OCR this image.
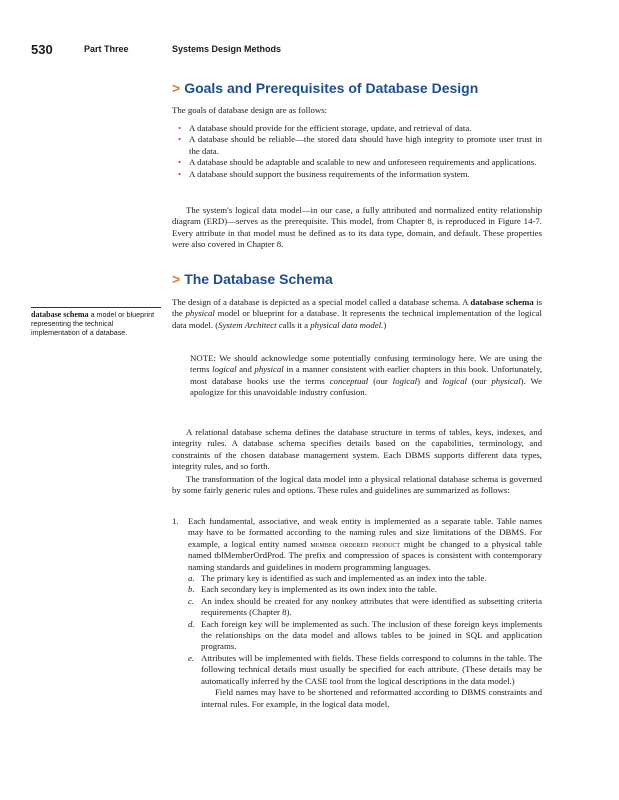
530	Part Three	Systems Design Methods
> Goals and Prerequisites of Database Design
The goals of database design are as follows:
• A database should provide for the efficient storage, update, and retrieval of data.
• A database should be reliable—the stored data should have high integrity to promote user trust in the data.
• A database should be adaptable and scalable to new and unforeseen requirements and applications.
• A database should support the business requirements of the information system.
The system's logical data model—in our case, a fully attributed and normalized entity relationship diagram (ERD)—serves as the prerequisite. This model, from Chapter 8, is reproduced in Figure 14-7. Every attribute in that model must be defined as to its data type, domain, and default. These properties were also covered in Chapter 8.
> The Database Schema
database schema a model or blueprint representing the technical implementation of a database.
The design of a database is depicted as a special model called a database schema. A database schema is the physical model or blueprint for a database. It represents the technical implementation of the logical data model. (System Architect calls it a physical data model.)
NOTE: We should acknowledge some potentially confusing terminology here. We are using the terms logical and physical in a manner consistent with earlier chapters in this book. Unfortunately, most database books use the terms conceptual (our logical) and logical (our physical). We apologize for this unavoidable industry confusion.
A relational database schema defines the database structure in terms of tables, keys, indexes, and integrity rules. A database schema specifies details based on the capabilities, terminology, and constraints of the chosen database management system. Each DBMS supports different data types, integrity rules, and so forth.
The transformation of the logical data model into a physical relational database schema is governed by some fairly generic rules and options. These rules and guidelines are summarized as follows:
1. Each fundamental, associative, and weak entity is implemented as a separate table. Table names may have to be formatted according to the naming rules and size limitations of the DBMS. For example, a logical entity named member ordered product might be changed to a physical table named tblMemberOrdProd. The prefix and compression of spaces is consistent with contemporary naming standards and guidelines in modern programming languages.
a. The primary key is identified as such and implemented as an index into the table.
b. Each secondary key is implemented as its own index into the table.
c. An index should be created for any nonkey attributes that were identified as subsetting criteria requirements (Chapter 8).
d. Each foreign key will be implemented as such. The inclusion of these foreign keys implements the relationships on the data model and allows tables to be joined in SQL and application programs.
e. Attributes will be implemented with fields. These fields correspond to columns in the table. The following technical details must usually be specified for each attribute. (These details may be automatically inferred by the CASE tool from the logical descriptions in the data model.)
Field names may have to be shortened and reformatted according to DBMS constraints and internal rules. For example, in the logical data model,
